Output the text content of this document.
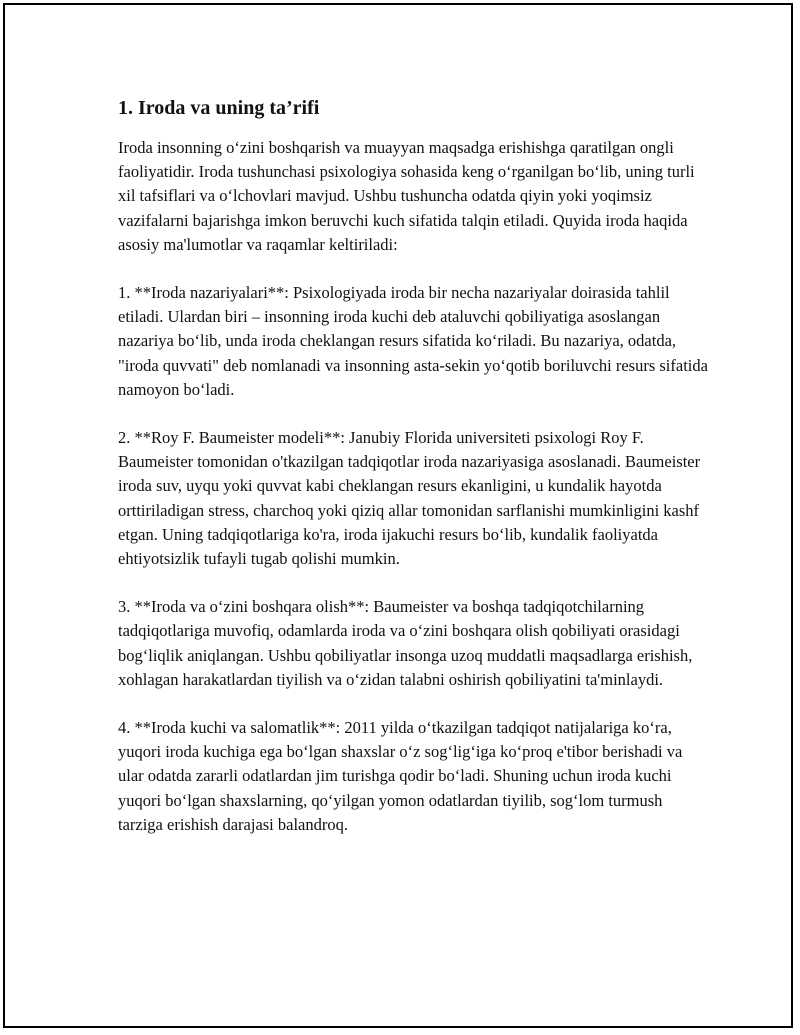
1. Iroda va uning ta’rifi

Iroda insonning oʻzini boshqarish va muayyan maqsadga erishishga qaratilgan ongli faoliyatidir. Iroda tushunchasi psixologiya sohasida keng oʻrganilgan boʻlib, uning turli xil tafsiflari va oʻlchovlari mavjud. Ushbu tushuncha odatda qiyin yoki yoqimsiz vazifalarni bajarishga imkon beruvchi kuch sifatida talqin etiladi. Quyida iroda haqida asosiy ma'lumotlar va raqamlar keltiriladi:

1. **Iroda nazariyalari**: Psixologiyada iroda bir necha nazariyalar doirasida tahlil etiladi. Ulardan biri – insonning iroda kuchi deb ataluvchi qobiliyatiga asoslangan nazariya boʻlib, unda iroda cheklangan resurs sifatida koʻriladi. Bu nazariya, odatda, "iroda quvvati" deb nomlanadi va insonning asta-sekin yoʻqotib boriluvchi resurs sifatida namoyon boʻladi.

2. **Roy F. Baumeister modeli**: Janubiy Florida universiteti psixologi Roy F. Baumeister tomonidan o'tkazilgan tadqiqotlar iroda nazariyasiga asoslanadi. Baumeister iroda suv, uyqu yoki quvvat kabi cheklangan resurs ekanligini, u kundalik hayotda orttiriladigan stress, charchoq yoki qiziq allar tomonidan sarflanishi mumkinligini kashf etgan. Uning tadqiqotlariga ko'ra, iroda ijakuchi resurs boʻlib, kundalik faoliyatda ehtiyotsizlik tufayli tugab qolishi mumkin.

3. **Iroda va oʻzini boshqara olish**: Baumeister va boshqa tadqiqotchilarning tadqiqotlariga muvofiq, odamlarda iroda va oʻzini boshqara olish qobiliyati orasidagi bogʻliqlik aniqlangan. Ushbu qobiliyatlar insonga uzoq muddatli maqsadlarga erishish, xohlagan harakatlardan tiyilish va oʻzidan talabni oshirish qobiliyatini ta'minlaydi.

4. **Iroda kuchi va salomatlik**: 2011 yilda oʻtkazilgan tadqiqot natijalariga koʻra, yuqori iroda kuchiga ega boʻlgan shaxslar oʻz sogʻligʻiga koʻproq e'tibor berishadi va ular odatda zararli odatlardan jim turishga qodir boʻladi. Shuning uchun iroda kuchi yuqori boʻlgan shaxslarning, qoʻyilgan yomon odatlardan tiyilib, sogʻlom turmush tarziga erishish darajasi balandroq.
